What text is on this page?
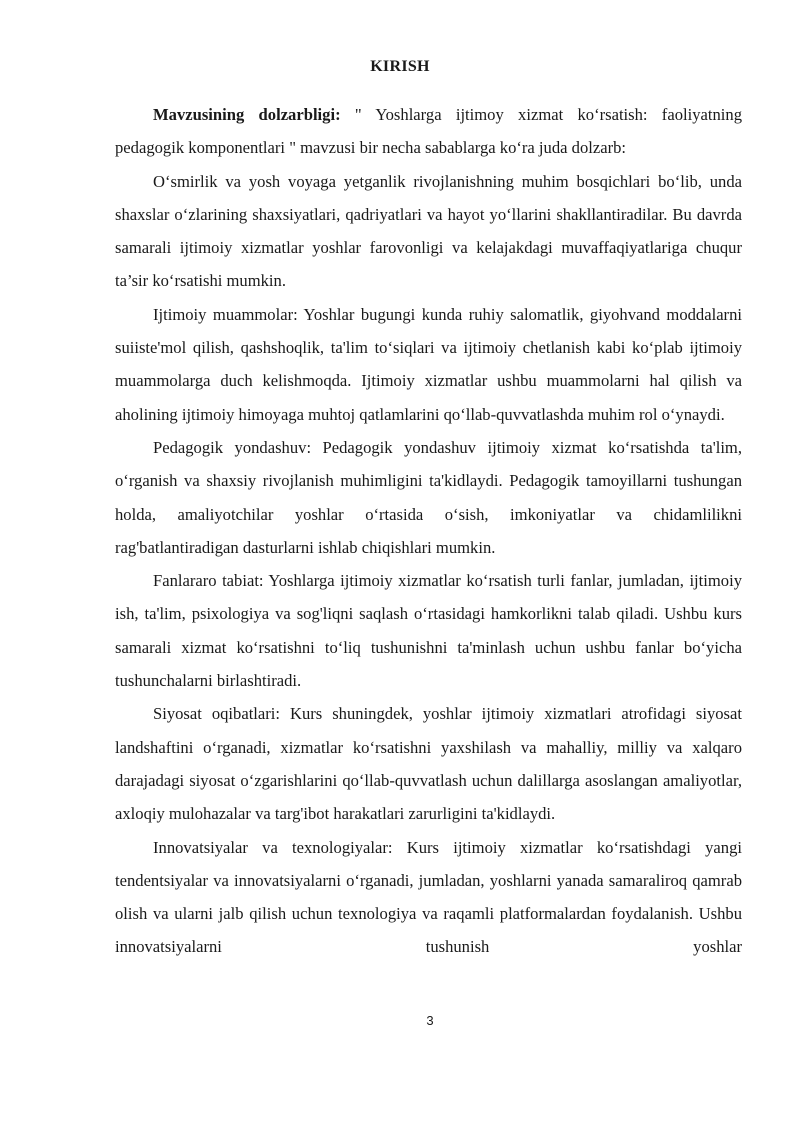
KIRISH

Mavzusining dolzarbligi: " Yoshlarga ijtimoy xizmat ko‘rsatish: faoliyatning pedagogik komponentlari " mavzusi bir necha sabablarga ko‘ra juda dolzarb:

O‘smirlik va yosh voyaga yetganlik rivojlanishning muhim bosqichlari bo‘lib, unda shaxslar o‘zlarining shaxsiyatlari, qadriyatlari va hayot yo‘llarini shakllantiradilar. Bu davrda samarali ijtimoiy xizmatlar yoshlar farovonligi va kelajakdagi muvaffaqiyatlariga chuqur ta’sir ko‘rsatishi mumkin.

Ijtimoiy muammolar: Yoshlar bugungi kunda ruhiy salomatlik, giyohvand moddalarni suiiste'mol qilish, qashshoqlik, ta'lim to‘siqlari va ijtimoiy chetlanish kabi ko‘plab ijtimoiy muammolarga duch kelishmoqda. Ijtimoiy xizmatlar ushbu muammolarni hal qilish va aholining ijtimoiy himoyaga muhtoj qatlamlarini qo‘llab-quvvatlashda muhim rol o‘ynaydi.

Pedagogik yondashuv: Pedagogik yondashuv ijtimoiy xizmat ko‘rsatishda ta'lim, o‘rganish va shaxsiy rivojlanish muhimligini ta'kidlaydi. Pedagogik tamoyillarni tushungan holda, amaliyotchilar yoshlar o‘rtasida o‘sish, imkoniyatlar va chidamlilikni rag'batlantiradigan dasturlarni ishlab chiqishlari mumkin.

Fanlararo tabiat: Yoshlarga ijtimoiy xizmatlar ko‘rsatish turli fanlar, jumladan, ijtimoiy ish, ta'lim, psixologiya va sog'liqni saqlash o‘rtasidagi hamkorlikni talab qiladi. Ushbu kurs samarali xizmat ko‘rsatishni to‘liq tushunishni ta'minlash uchun ushbu fanlar bo‘yicha tushunchalarni birlashtiradi.

Siyosat oqibatlari: Kurs shuningdek, yoshlar ijtimoiy xizmatlari atrofidagi siyosat landshaftini o‘rganadi, xizmatlar ko‘rsatishni yaxshilash va mahalliy, milliy va xalqaro darajadagi siyosat o‘zgarishlarini qo‘llab-quvvatlash uchun dalillarga asoslangan amaliyotlar, axloqiy mulohazalar va targ'ibot harakatlari zarurligini ta'kidlaydi.

Innovatsiyalar va texnologiyalar: Kurs ijtimoiy xizmatlar ko‘rsatishdagi yangi tendentsiyalar va innovatsiyalarni o‘rganadi, jumladan, yoshlarni yanada samaraliroq qamrab olish va ularni jalb qilish uchun texnologiya va raqamli platformalardan foydalanish. Ushbu innovatsiyalarni tushunish yoshlar

3
